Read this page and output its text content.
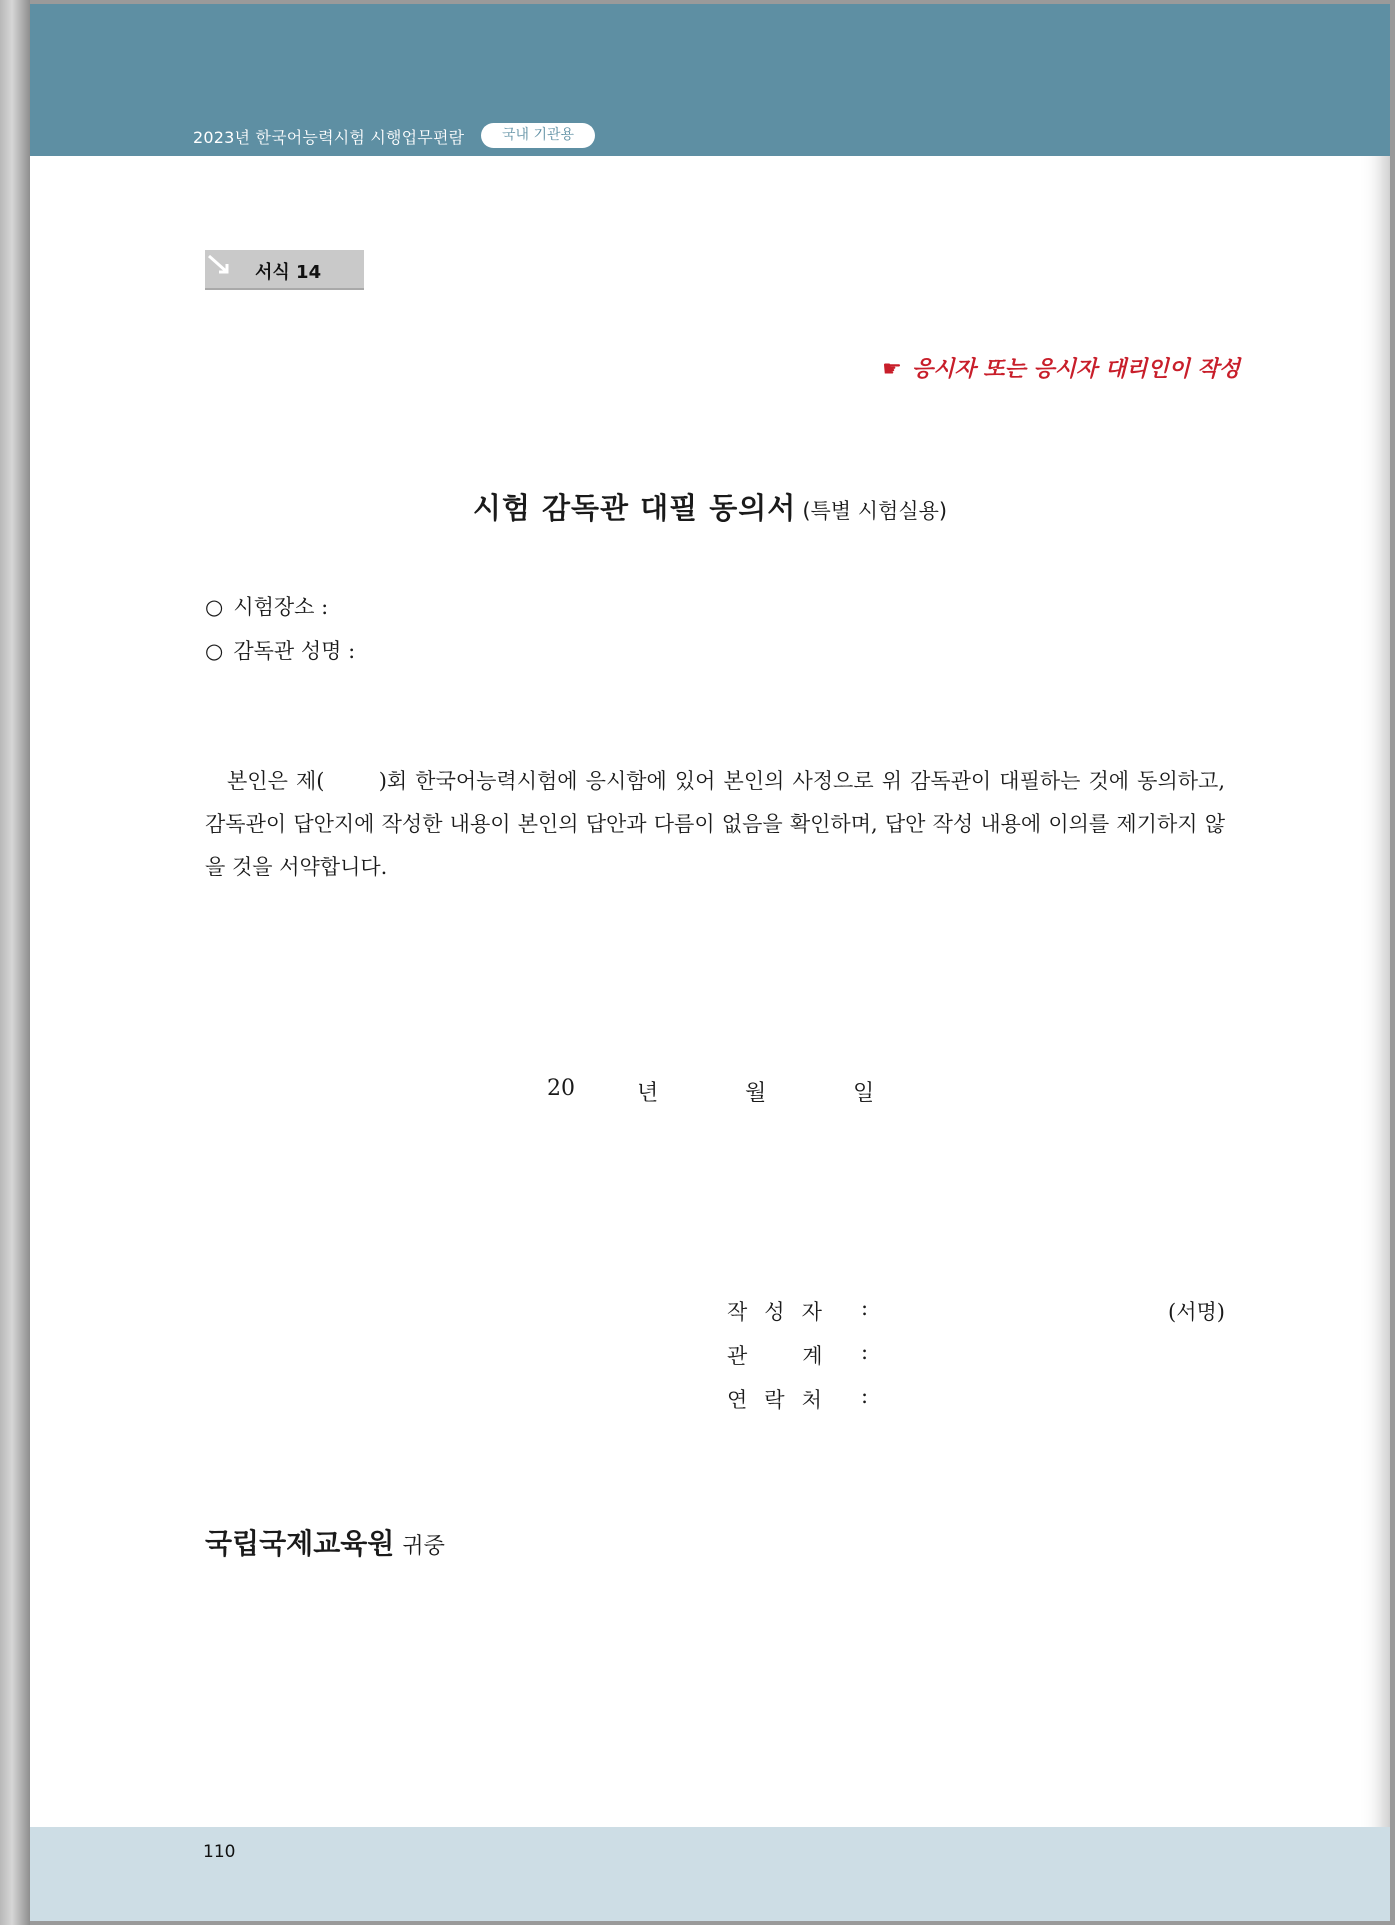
2023년 한국어능력시험 시행업무편람	국내 기관용
서식 14
☛ 응시자 또는 응시자 대리인이 작성
시험 감독관 대필 동의서 (특별 시험실용)
○ 시험장소 :
○ 감독관 성명 :
본인은 제(　　 )회 한국어능력시험에 응시함에 있어 본인의 사정으로 위 감독관이 대필하는 것에 동의하고, 감독관이 답안지에 작성한 내용이 본인의 답안과 다름이 없음을 확인하며, 답안 작성 내용에 이의를 제기하지 않을 것을 서약합니다.
20	년	월	일
작성자 :	(서명)
관　계 :
연락처 :
국립국제교육원 귀중
110
